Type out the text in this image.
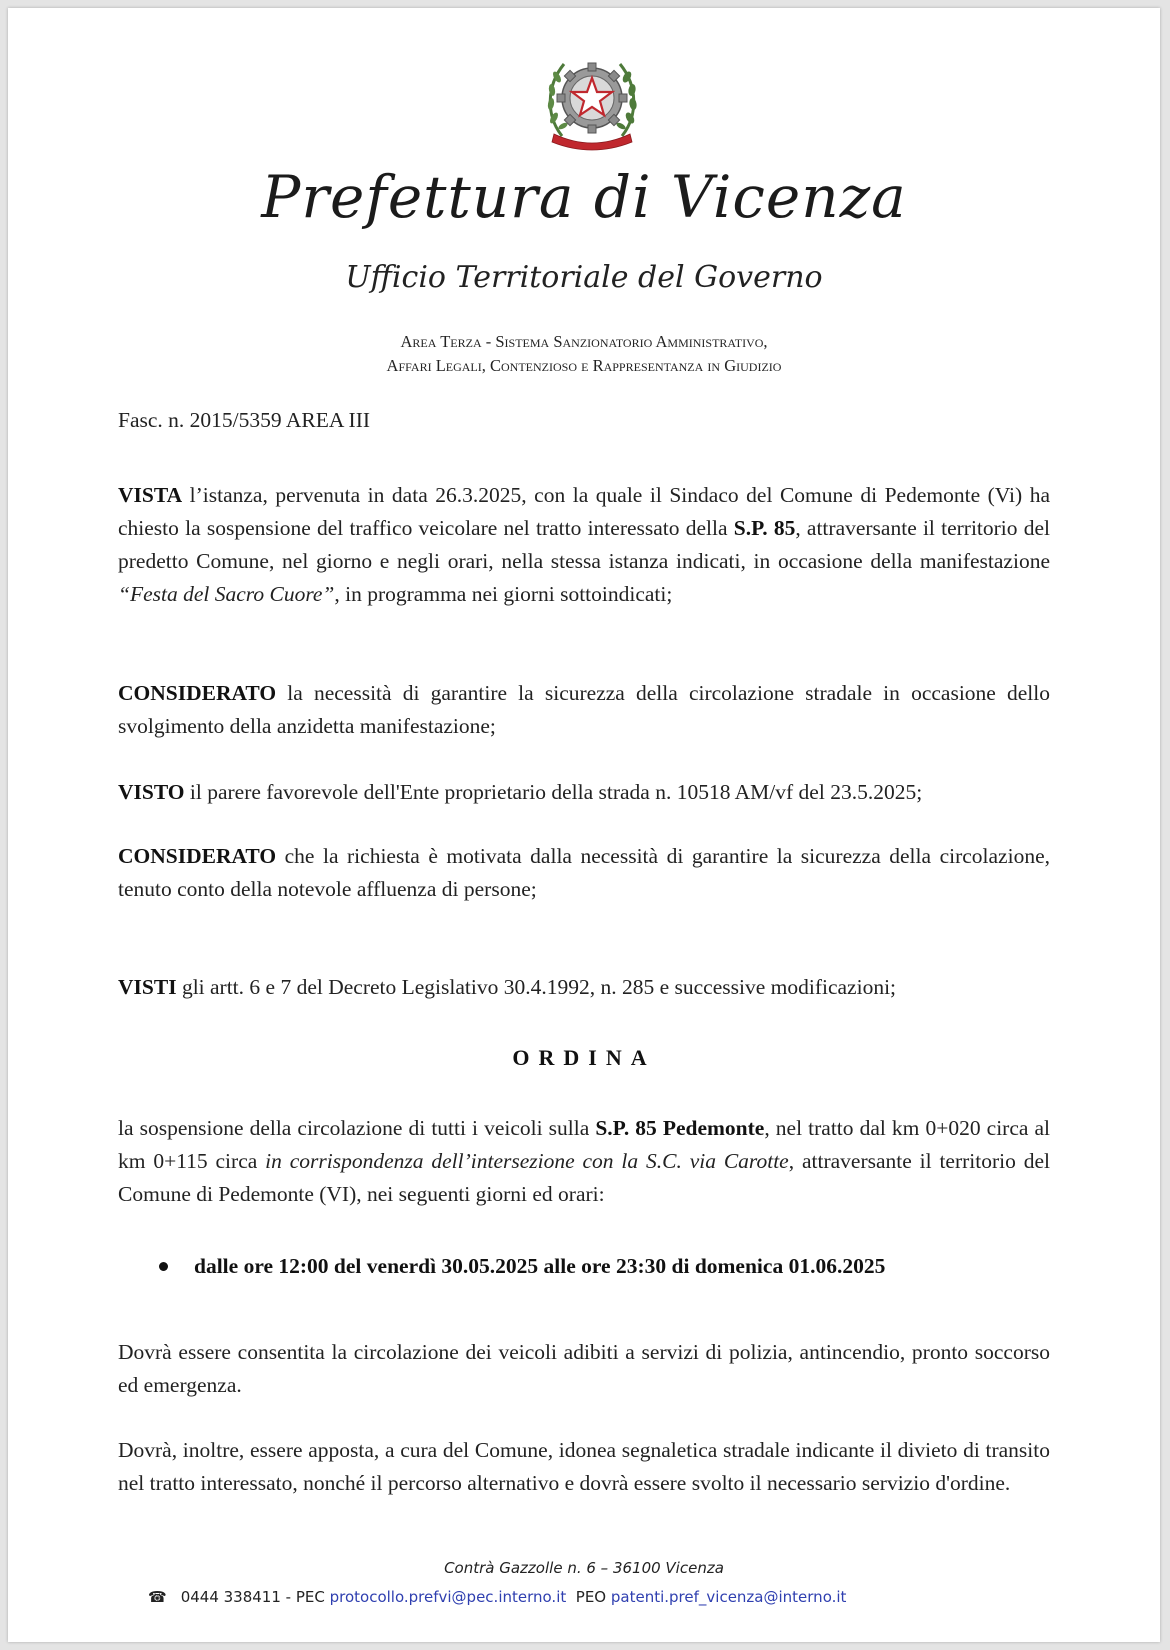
Prefettura di Vicenza
Ufficio Territoriale del Governo
Area Terza - Sistema Sanzionatorio Amministrativo,
Affari Legali, Contenzioso e Rappresentanza in Giudizio
Fasc. n. 2015/5359 AREA III
VISTA l’istanza, pervenuta in data 26.3.2025, con la quale il Sindaco del Comune di Pedemonte (Vi) ha chiesto la sospensione del traffico veicolare nel tratto interessato della S.P. 85, attraversante il territorio del predetto Comune, nel giorno e negli orari, nella stessa istanza indicati, in occasione della manifestazione “Festa del Sacro Cuore”, in programma nei giorni sottoindicati;
CONSIDERATO la necessità di garantire la sicurezza della circolazione stradale in occasione dello svolgimento della anzidetta manifestazione;
VISTO il parere favorevole dell'Ente proprietario della strada n. 10518 AM/vf del 23.5.2025;
CONSIDERATO che la richiesta è motivata dalla necessità di garantire la sicurezza della circolazione, tenuto conto della notevole affluenza di persone;
VISTI gli artt. 6 e 7 del Decreto Legislativo 30.4.1992, n. 285 e successive modificazioni;
ORDINA
la sospensione della circolazione di tutti i veicoli sulla S.P. 85 Pedemonte, nel tratto dal km 0+020 circa al km 0+115 circa in corrispondenza dell’intersezione con la S.C. via Carotte, attraversante il territorio del Comune di Pedemonte (VI), nei seguenti giorni ed orari:
dalle ore 12:00 del venerdì 30.05.2025 alle ore 23:30 di domenica 01.06.2025
Dovrà essere consentita la circolazione dei veicoli adibiti a servizi di polizia, antincendio, pronto soccorso ed emergenza.
Dovrà, inoltre, essere apposta, a cura del Comune, idonea segnaletica stradale indicante il divieto di transito nel tratto interessato, nonché il percorso alternativo e dovrà essere svolto il necessario servizio d'ordine.
Contrà Gazzolle n. 6 – 36100 Vicenza
☎ 0444 338411 - PEC protocollo.prefvi@pec.interno.it  PEO patenti.pref_vicenza@interno.it
